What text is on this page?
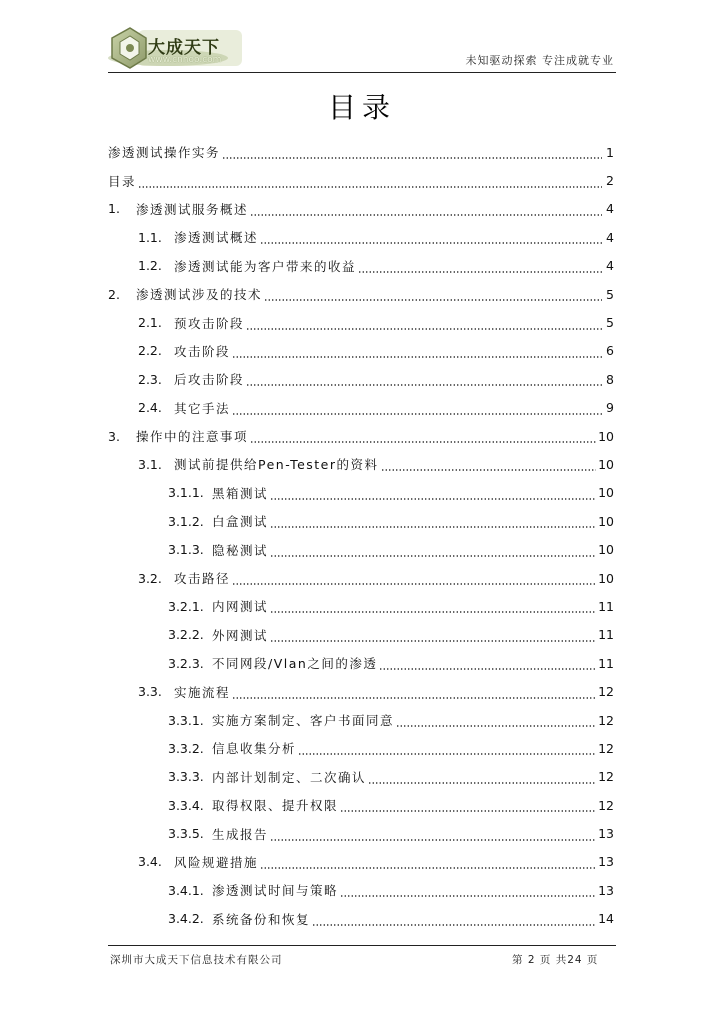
大成天下
www.cnhoo.com	未知驱动探索 专注成就专业
目录
渗透测试操作实务	1
目录	2
1.	渗透测试服务概述	4
1.1. 渗透测试概述	4
1.2. 渗透测试能为客户带来的收益	4
2.	渗透测试涉及的技术	5
2.1. 预攻击阶段	5
2.2. 攻击阶段	6
2.3. 后攻击阶段	8
2.4. 其它手法	9
3.	操作中的注意事项	10
3.1. 测试前提供给Pen-Tester的资料	10
3.1.1. 黑箱测试	10
3.1.2. 白盒测试	10
3.1.3. 隐秘测试	10
3.2. 攻击路径	10
3.2.1. 内网测试	11
3.2.2. 外网测试	11
3.2.3. 不同网段/Vlan之间的渗透	11
3.3. 实施流程	12
3.3.1. 实施方案制定、客户书面同意	12
3.3.2. 信息收集分析	12
3.3.3. 内部计划制定、二次确认	12
3.3.4. 取得权限、提升权限	12
3.3.5. 生成报告	13
3.4. 风险规避措施	13
3.4.1. 渗透测试时间与策略	13
3.4.2. 系统备份和恢复	14
深圳市大成天下信息技术有限公司	第 2 页 共24 页
